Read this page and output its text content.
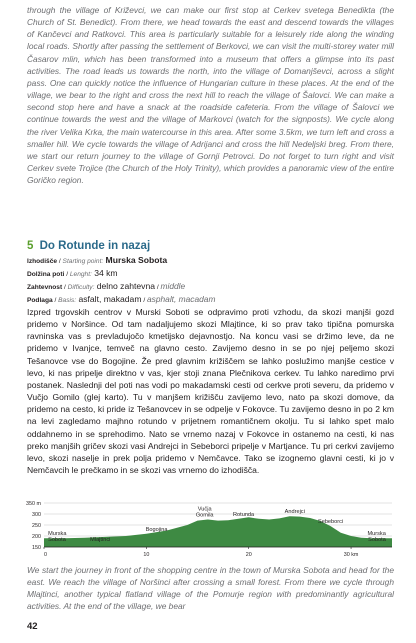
through the village of Križevci, we can make our first stop at Cerkev svetega Benedikta (the Church of St. Benedict). From there, we head towards the east and descend towards the villages of Kančevci and Ratkovci. This area is particularly suitable for a leisurely ride along the winding local roads. Shortly after passing the settlement of Berkovci, we can visit the multi-storey water mill Časarov mlin, which has been transformed into a museum that offers a glimpse into its past activities. The road leads us towards the north, into the village of Domanjševci, across a slight pass. One can quickly notice the influence of Hungarian culture in these places. At the end of the village, we bear to the right and cross the next hill to reach the village of Šalovci. We can make a second stop here and have a snack at the roadside cafeteria. From the village of Šalovci we continue towards the west and the village of Markovci (watch for the signposts). We cycle along the river Velika Krka, the main watercourse in this area. After some 3.5km, we turn left and cross a smaller hill. We cycle towards the village of Adrijanci and cross the hill Nedeljski breg. From there, we start our return journey to the village of Gornji Petrovci. Do not forget to turn right and visit Cerkev svete Trojice (the Church of the Holy Trinity), which provides a panoramic view of the entire Goričko region.
5 Do Rotunde in nazaj
Izhodišče / Starting point: Murska Sobota
Dolžina poti / Lenght: 34 km
Zahtevnost / Difficulty: delno zahtevna / middle
Podlaga / Basis: asfalt, makadam / asphalt, macadam
Izpred trgovskih centrov v Murski Soboti se odpravimo proti vzhodu, da skozi manjši gozd pridemo v Noršince. Od tam nadaljujemo skozi Mlajtince, ki so prav tako tipična pomurska ravninska vas s prevladujočo kmetijsko dejavnostjo. Na koncu vasi se držimo leve, da ne pridemo v Ivanjce, temveč na glavno cesto. Zavijemo desno in se po njej peljemo skozi Tešanovce vse do Bogojine. Že pred glavnim križiščem se lahko poslužimo manjše cestice v levo, ki nas pripelje direktno v vas, kjer stoji znana Plečnikova cerkev. Tu lahko naredimo prvi postanek. Naslednji del poti nas vodi po makadamski cesti od cerkve proti severu, da pridemo v Vučjo Gomilo (glej karto). Tu v manjšem križišču zavijemo levo, nato pa skozi domove, da pridemo na cesto, ki pride iz Tešanovcev in se odpelje v Fokovce. Tu zavijemo desno in po 2 km na levi zagledamo majhno rotundo v prijetnem romantičnem okolju. Tu si lahko spet malo oddahnemo in se sprehodimo. Nato se vrnemo nazaj v Fokovce in ostanemo na cesti, ki nas preko manjših gričev skozi vasi Andrejci in Sebeborci pripelje v Martjance. Tu pri cerkvi zavijemo levo, skozi naselje in prek polja pridemo v Nemčavce. Tako se izognemo glavni cesti, ki jo v Nemčavcih le prečkamo in se skozi vas vrnemo do izhodišča.
350 m
300
250
200
150
0	10	20	30 km
Murska Sobota	Mlajtinci
Bogojina
Vučja Gomila	Rotunda	Andrejci
Sebeborci
Murska Sobota
We start the journey in front of the shopping centre in the town of Murska Sobota and head for the east. We reach the village of Noršinci after crossing a small forest. From there we cycle through Mlajtinci, another typical flatland village of the Pomurje region with predominantly agricultural activities. At the end of the village, we bear
42
